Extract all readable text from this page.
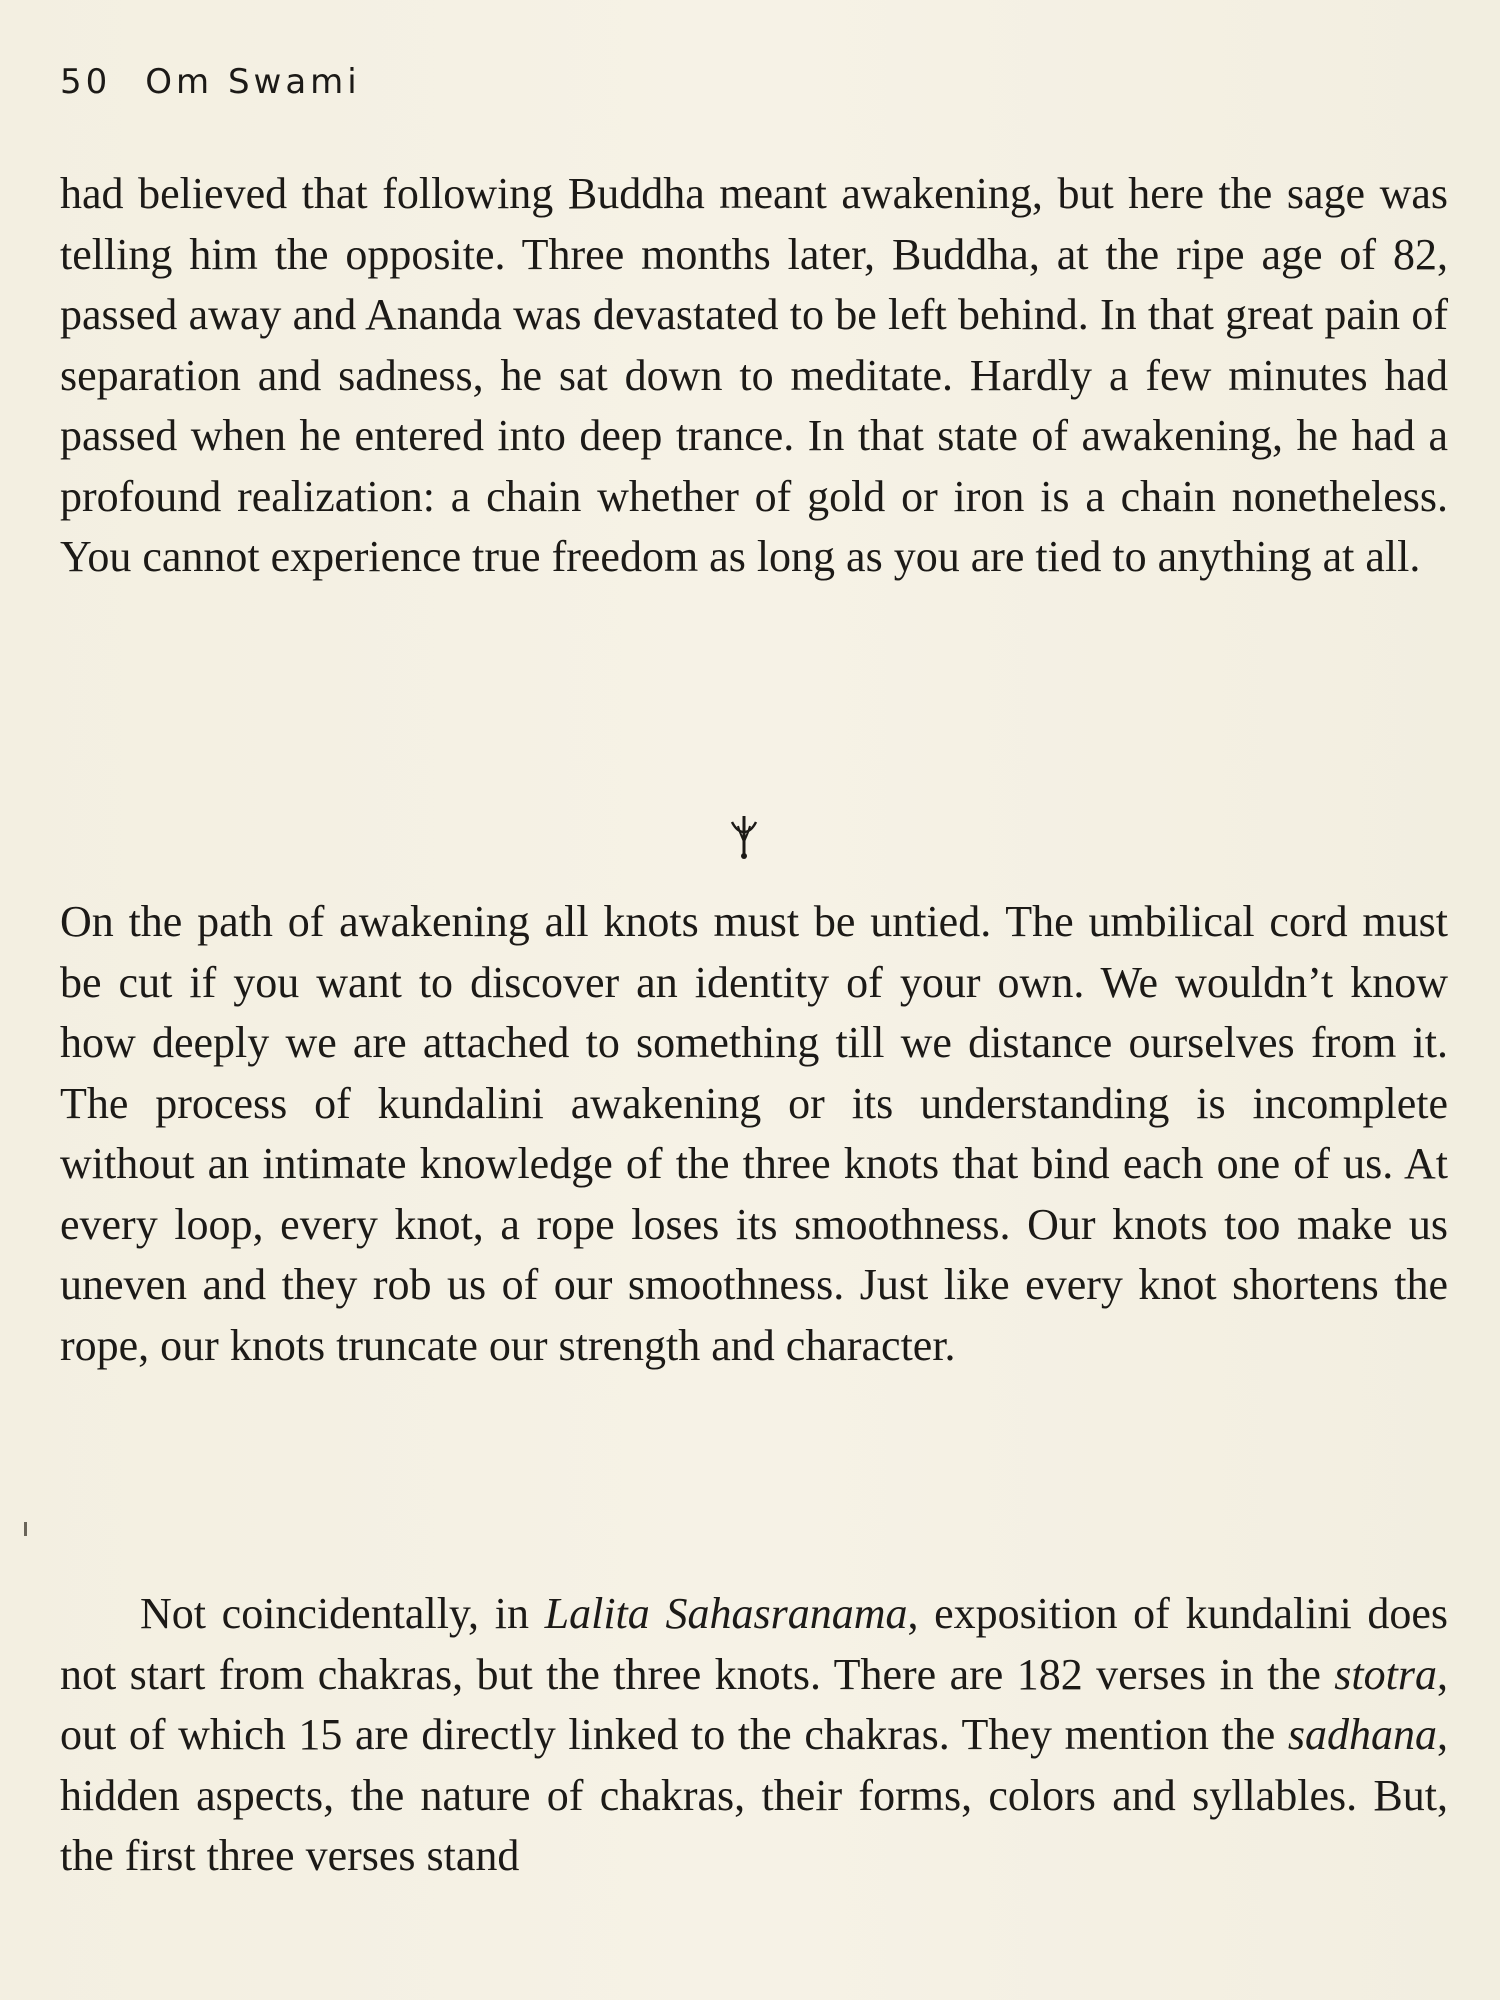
50 Om Swami

had believed that following Buddha meant awakening, but here the sage was telling him the opposite. Three months later, Buddha, at the ripe age of 82, passed away and Ananda was devastated to be left behind. In that great pain of separation and sadness, he sat down to meditate. Hardly a few minutes had passed when he entered into deep trance. In that state of awakening, he had a profound realization: a chain whether of gold or iron is a chain nonetheless. You cannot experience true freedom as long as you are tied to anything at all.

On the path of awakening all knots must be untied. The umbilical cord must be cut if you want to discover an identity of your own. We wouldn’t know how deeply we are attached to something till we distance ourselves from it. The process of kundalini awakening or its understanding is incomplete without an intimate knowledge of the three knots that bind each one of us. At every loop, every knot, a rope loses its smoothness. Our knots too make us uneven and they rob us of our smoothness. Just like every knot shortens the rope, our knots truncate our strength and character.

Not coincidentally, in Lalita Sahasranama, exposition of kundalini does not start from chakras, but the three knots. There are 182 verses in the stotra, out of which 15 are directly linked to the chakras. They mention the sadhana, hidden aspects, the nature of chakras, their forms, colors and syllables. But, the first three verses stand
